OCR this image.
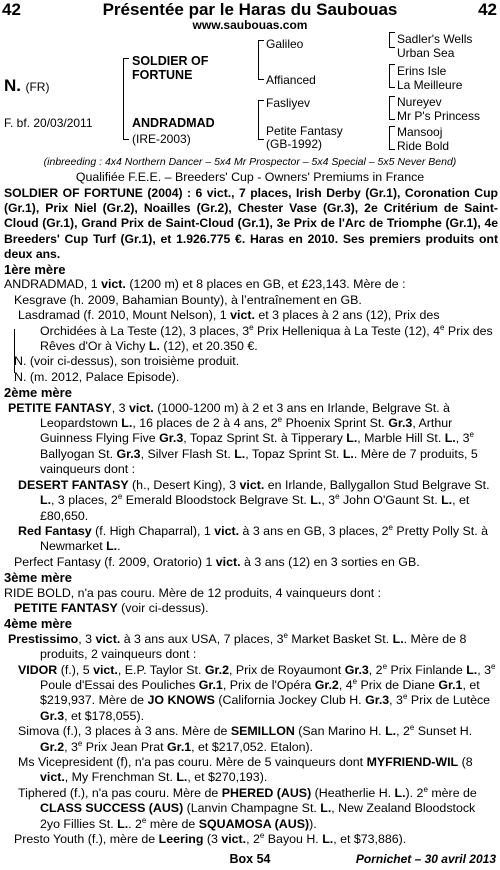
42	Présentée par le Haras du Saubouas	42
www.saubouas.com
N. (FR)
F. bf. 20/03/2011
SOLDIER OF FORTUNE
ANDRADMAD
(IRE-2003)
Galileo
Affianced
Fasliyev
Petite Fantasy (GB-1992)
Sadler's Wells
Urban Sea
Erins Isle
La Meilleure
Nureyev
Mr P's Princess
Mansooj
Ride Bold
(inbreeding : 4x4 Northern Dancer – 5x4 Mr Prospector – 5x4 Special – 5x5 Never Bend)
Qualifiée F.E.E. – Breeders' Cup - Owners' Premiums in France

SOLDIER OF FORTUNE (2004) : 6 vict., 7 places, Irish Derby (Gr.1), Coronation Cup (Gr.1), Prix Niel (Gr.2), Noailles (Gr.2), Chester Vase (Gr.3), 2e Critérium de Saint-Cloud (Gr.1), Grand Prix de Saint-Cloud (Gr.1), 3e Prix de l'Arc de Triomphe (Gr.1), 4e Breeders' Cup Turf (Gr.1), et 1.926.775 €. Haras en 2010. Ses premiers produits ont deux ans.

1ère mère

ANDRADMAD, 1 vict. (1200 m) et 8 places en GB, et £23,143. Mère de :

Kesgrave (h. 2009, Bahamian Bounty), à l’entraînement en GB.

Lasdramad (f. 2010, Mount Nelson), 1 vict. et 3 places à 2 ans (12), Prix des Orchidées à La Teste (12), 3 places, 3e Prix Helleniqua à La Teste (12), 4e Prix des Rêves d'Or à Vichy L. (12), et 20.350 €.

N. (voir ci-dessus), son troisième produit.

N. (m. 2012, Palace Episode).

2ème mère

PETITE FANTASY, 3 vict. (1000-1200 m) à 2 et 3 ans en Irlande, Belgrave St. à Leopardstown L., 16 places de 2 à 4 ans, 2e Phoenix Sprint St. Gr.3, Arthur Guinness Flying Five Gr.3, Topaz Sprint St. à Tipperary L., Marble Hill St. L., 3e Ballyogan St. Gr.3, Silver Flash St. L., Topaz Sprint St. L.. Mère de 7 produits, 5 vainqueurs dont :

DESERT FANTASY (h., Desert King), 3 vict. en Irlande, Ballygallon Stud Belgrave St. L., 3 places, 2e Emerald Bloodstock Belgrave St. L., 3e John O'Gaunt St. L., et £80,650.

Red Fantasy (f. High Chaparral), 1 vict. à 3 ans en GB, 3 places, 2e Pretty Polly St. à Newmarket L..

Perfect Fantasy (f. 2009, Oratorio) 1 vict. à 3 ans (12) en 3 sorties en GB.

3ème mère

RIDE BOLD, n'a pas couru. Mère de 12 produits, 4 vainqueurs dont :

PETITE FANTASY (voir ci-dessus).

4ème mère

Prestissimo, 3 vict. à 3 ans aux USA, 7 places, 3e Market Basket St. L.. Mère de 8 produits, 2 vainqueurs dont :

VIDOR (f.), 5 vict., E.P. Taylor St. Gr.2, Prix de Royaumont Gr.3, 2e Prix Finlande L., 3e Poule d'Essai des Pouliches Gr.1, Prix de l'Opéra Gr.2, 4e Prix de Diane Gr.1, et $219,937. Mère de JO KNOWS (California Jockey Club H. Gr.3, 3e Prix de Lutèce Gr.3, et $178,055).

Simova (f.), 3 places à 3 ans. Mère de SEMILLON (San Marino H. L., 2e Sunset H. Gr.2, 3e Prix Jean Prat Gr.1, et $217,052. Etalon).

Ms Vicepresident (f), n'a pas couru. Mère de 5 vainqueurs dont MYFRIEND-WIL (8 vict., My Frenchman St. L., et $270,193).

Tiphered (f.), n'a pas couru. Mère de PHERED (AUS) (Heatherlie H. L.). 2e mère de CLASS SUCCESS (AUS) (Lanvin Champagne St. L., New Zealand Bloodstock 2yo Fillies St. L.. 2e mère de SQUAMOSA (AUS)).

Presto Youth (f.), mère de Leering (3 vict., 2e Bayou H. L., et $73,886).

Box 54	Pornichet – 30 avril 2013
